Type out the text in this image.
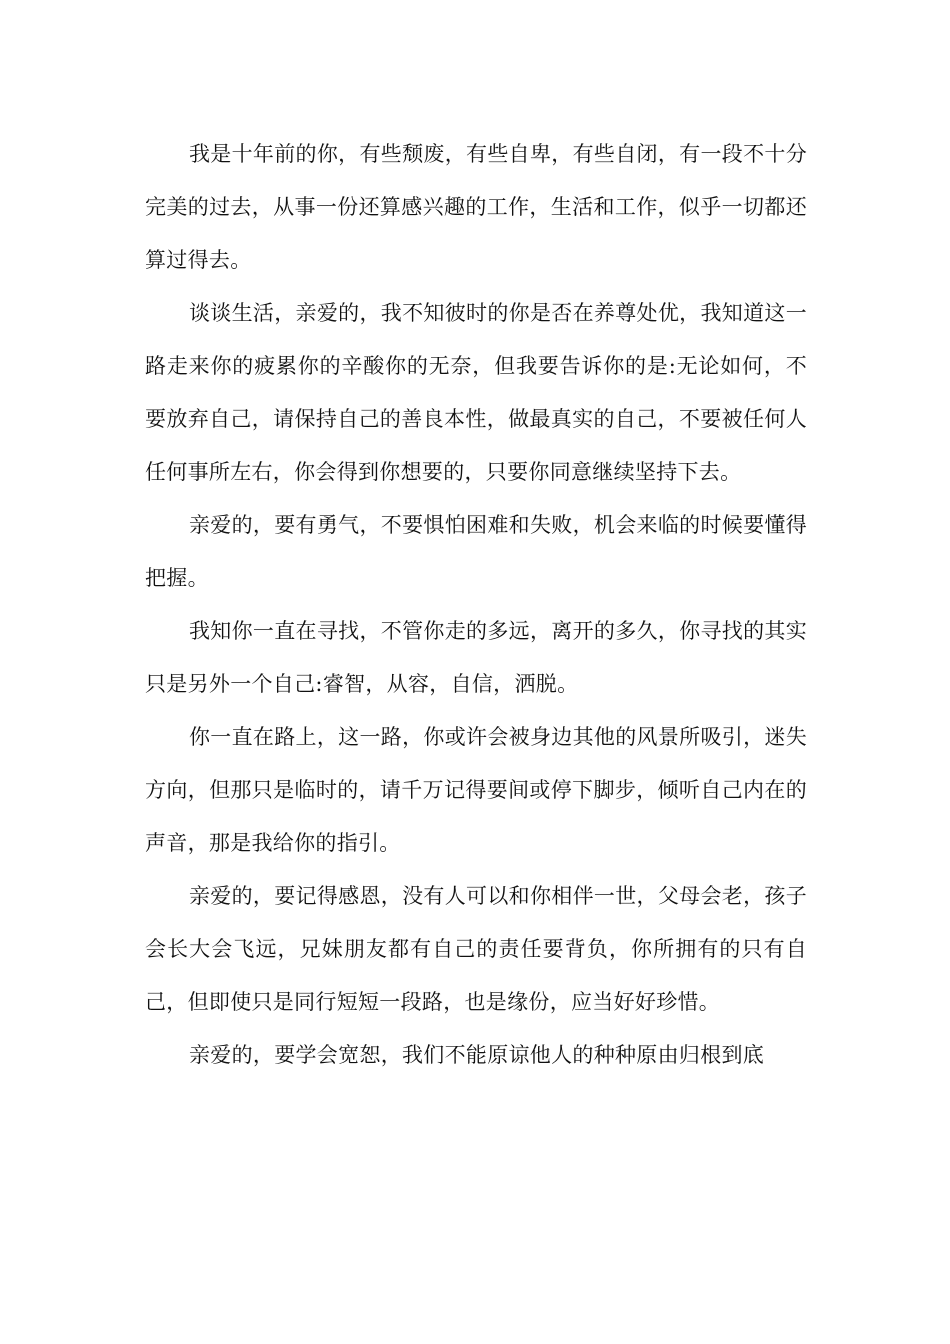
我是十年前的你，有些颓废，有些自卑，有些自闭，有一段不十分完美的过去，从事一份还算感兴趣的工作，生活和工作，似乎一切都还算过得去。

谈谈生活，亲爱的，我不知彼时的你是否在养尊处优，我知道这一路走来你的疲累你的辛酸你的无奈，但我要告诉你的是:无论如何，不要放弃自己，请保持自己的善良本性，做最真实的自己，不要被任何人任何事所左右，你会得到你想要的，只要你同意继续坚持下去。

亲爱的，要有勇气，不要惧怕困难和失败，机会来临的时候要懂得把握。

我知你一直在寻找，不管你走的多远，离开的多久，你寻找的其实只是另外一个自己:睿智，从容，自信，洒脱。

你一直在路上，这一路，你或许会被身边其他的风景所吸引，迷失方向，但那只是临时的，请千万记得要间或停下脚步，倾听自己内在的声音，那是我给你的指引。

亲爱的，要记得感恩，没有人可以和你相伴一世，父母会老，孩子会长大会飞远，兄妹朋友都有自己的责任要背负，你所拥有的只有自己，但即使只是同行短短一段路，也是缘份，应当好好珍惜。

亲爱的，要学会宽恕，我们不能原谅他人的种种原由归根到底
